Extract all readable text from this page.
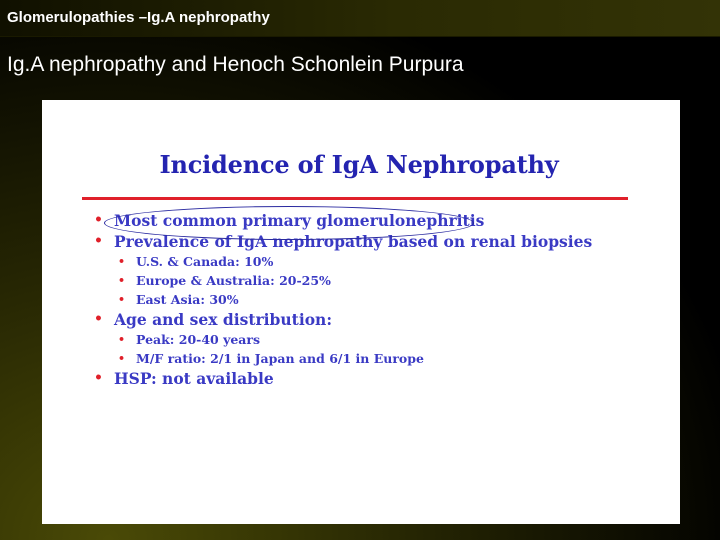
Glomerulopathies –Ig.A nephropathy
Ig.A nephropathy and Henoch Schonlein Purpura
Incidence of IgA Nephropathy
• Most common primary glomerulonephritis
• Prevalence of IgA nephropathy based on renal biopsies
• U.S. & Canada: 10%
• Europe & Australia: 20-25%
• East Asia: 30%
• Age and sex distribution:
• Peak: 20-40 years
• M/F ratio: 2/1 in Japan and 6/1 in Europe
• HSP: not available
